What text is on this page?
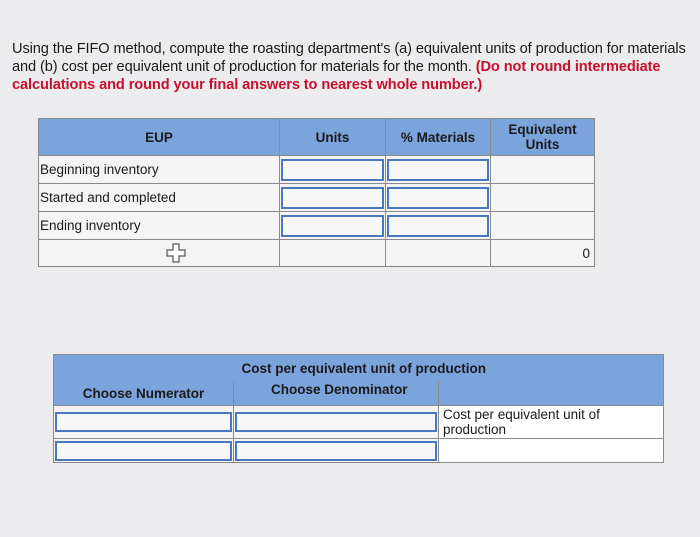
Using the FIFO method, compute the roasting department's (a) equivalent units of production for materials and (b) cost per equivalent unit of production for materials for the month. (Do not round intermediate calculations and round your final answers to nearest whole number.)
EUP	Units	% Materials	Equivalent Units

Beginning inventory

Started and completed

Ending inventory

			0
	Cost per equivalent unit of production	
Choose Numerator	Choose Denominator	
		Cost per equivalent unit of production
